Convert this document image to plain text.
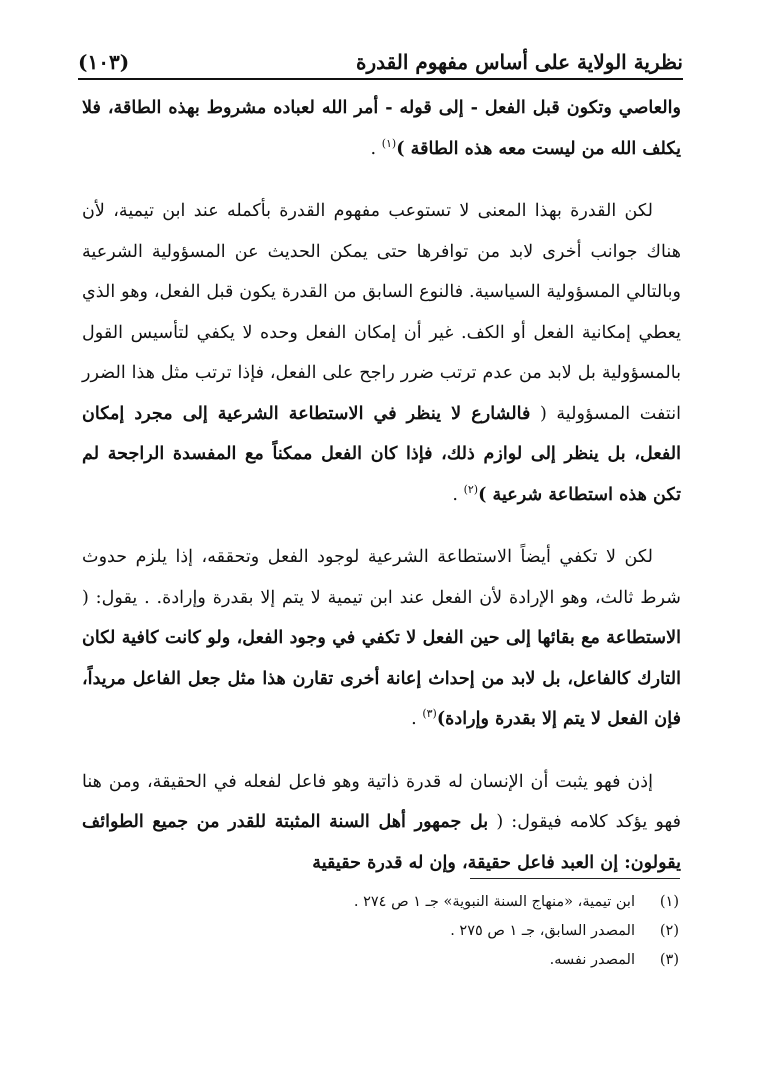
نظرية الولاية على أساس مفهوم القدرة
(١٠٣)

والعاصي وتكون قبل الفعل - إلى قوله - أمر الله لعباده مشروط بهذه الطاقة، فلا يكلف الله من ليست معه هذه الطاقة )$^{(١)}$ .

لكن القدرة بهذا المعنى لا تستوعب مفهوم القدرة بأكمله عند ابن تيمية، لأن هناك جوانب أخرى لابد من توافرها حتى يمكن الحديث عن المسؤولية الشرعية وبالتالي المسؤولية السياسية. فالنوع السابق من القدرة يكون قبل الفعل، وهو الذي يعطي إمكانية الفعل أو الكف. غير أن إمكان الفعل وحده لا يكفي لتأسيس القول بالمسؤولية بل لابد من عدم ترتب ضرر راجح على الفعل، فإذا ترتب مثل هذا الضرر انتفت المسؤولية ( فالشارع لا ينظر في الاستطاعة الشرعية إلى مجرد إمكان الفعل، بل ينظر إلى لوازم ذلك، فإذا كان الفعل ممكناً مع المفسدة الراجحة لم تكن هذه استطاعة شرعية )$^{(٢)}$ .

لكن لا تكفي أيضاً الاستطاعة الشرعية لوجود الفعل وتحققه، إذا يلزم حدوث شرط ثالث، وهو الإرادة لأن الفعل عند ابن تيمية لا يتم إلا بقدرة وإرادة. . يقول: ( الاستطاعة مع بقائها إلى حين الفعل لا تكفي في وجود الفعل، ولو كانت كافية لكان التارك كالفاعل، بل لابد من إحداث إعانة أخرى تقارن هذا مثل جعل الفاعل مريداً، فإن الفعل لا يتم إلا بقدرة وإرادة)$^{(٣)}$ .

إذن فهو يثبت أن الإنسان له قدرة ذاتية وهو فاعل لفعله في الحقيقة، ومن هنا فهو يؤكد كلامه فيقول: ( بل جمهور أهل السنة المثبتة للقدر من جميع الطوائف يقولون: إن العبد فاعل حقيقة، وإن له قدرة حقيقية

(١)
ابن تيمية، «منهاج السنة النبوية» جـ ١ ص ٢٧٤ .
(٢)
المصدر السابق، جـ ١ ص ٢٧٥ .
(٣)
المصدر نفسه.
